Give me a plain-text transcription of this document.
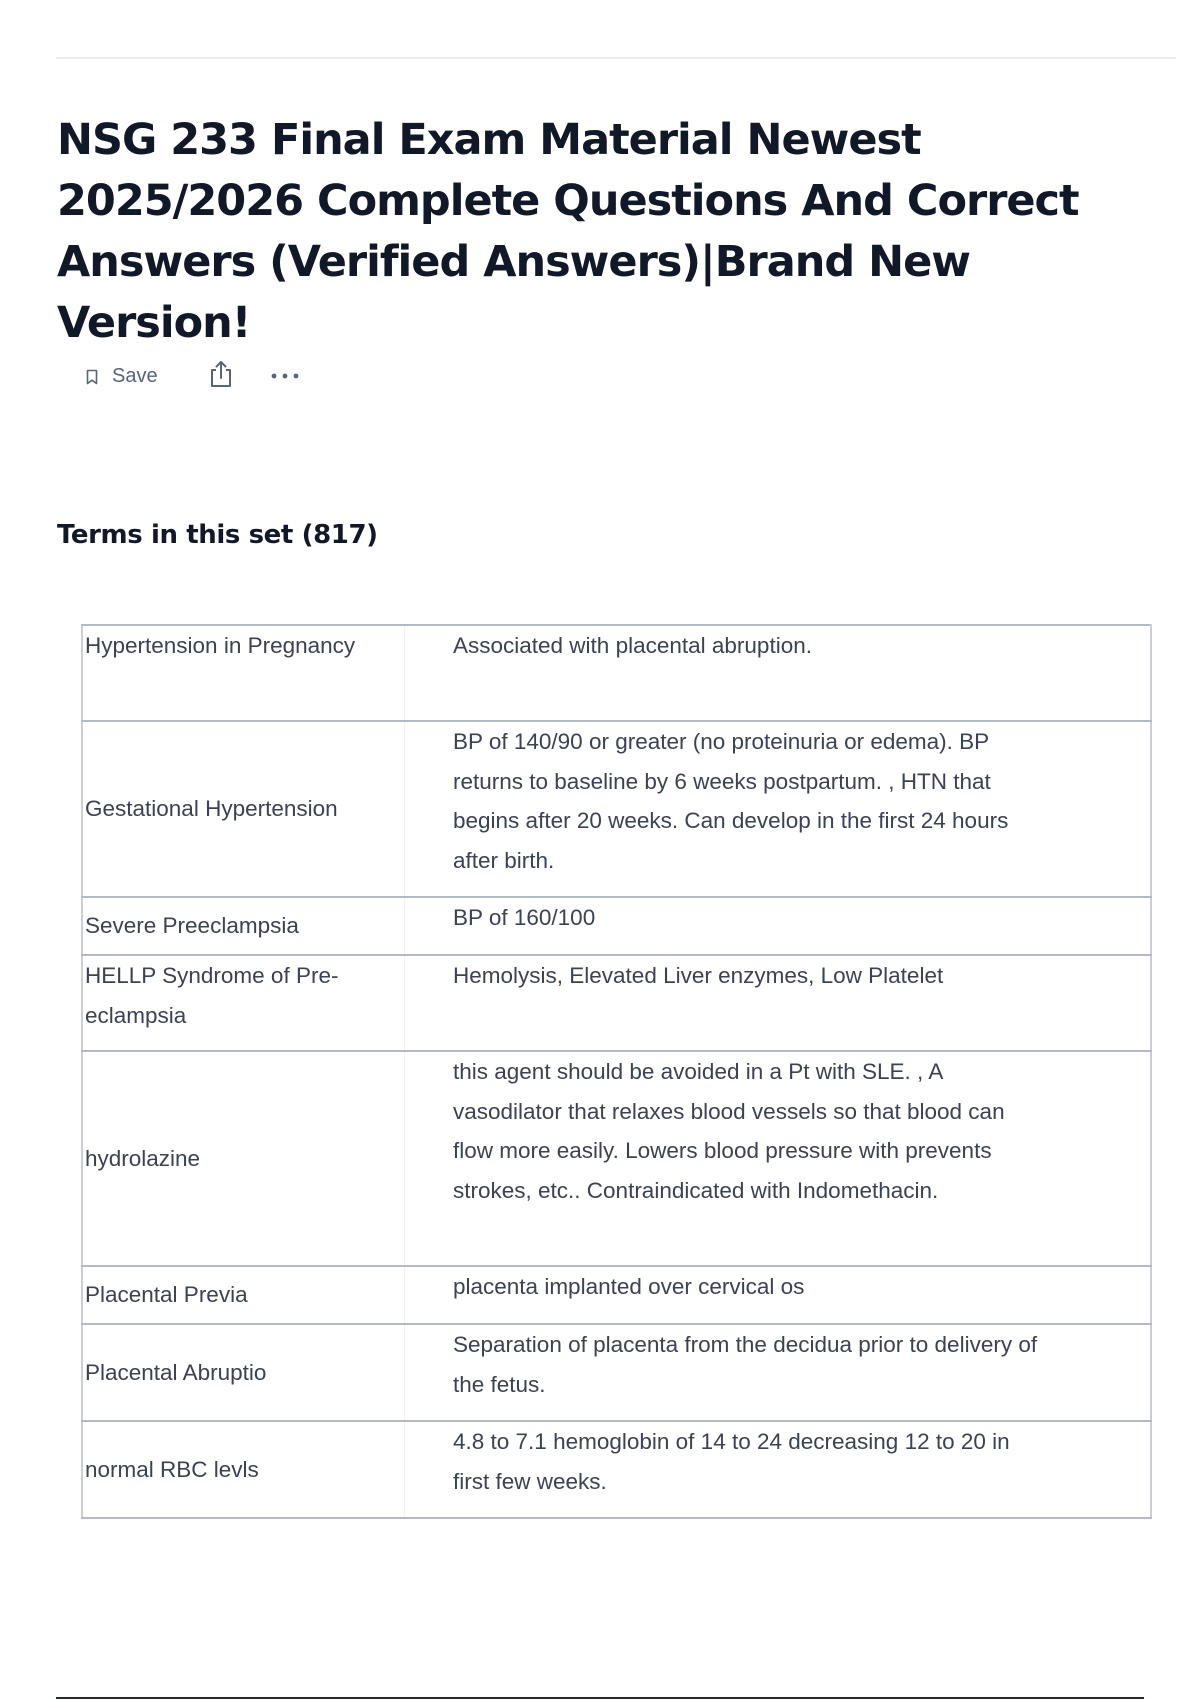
NSG 233 Final Exam Material Newest 2025/2026 Complete Questions And Correct Answers (Verified Answers)|Brand New Version!
Save
Terms in this set (817)
Hypertension in Pregnancy	Associated with placental abruption.
Gestational Hypertension	BP of 140/90 or greater (no proteinuria or edema). BP returns to baseline by 6 weeks postpartum. , HTN that begins after 20 weeks. Can develop in the first 24 hours after birth.
Severe Preeclampsia	BP of 160/100
HELLP Syndrome of Pre-eclampsia	Hemolysis, Elevated Liver enzymes, Low Platelet
hydrolazine	this agent should be avoided in a Pt with SLE. , A vasodilator that relaxes blood vessels so that blood can flow more easily. Lowers blood pressure with prevents strokes, etc.. Contraindicated with Indomethacin.
Placental Previa	placenta implanted over cervical os
Placental Abruptio	Separation of placenta from the decidua prior to delivery of the fetus.
normal RBC levls	4.8 to 7.1 hemoglobin of 14 to 24 decreasing 12 to 20 in first few weeks.
